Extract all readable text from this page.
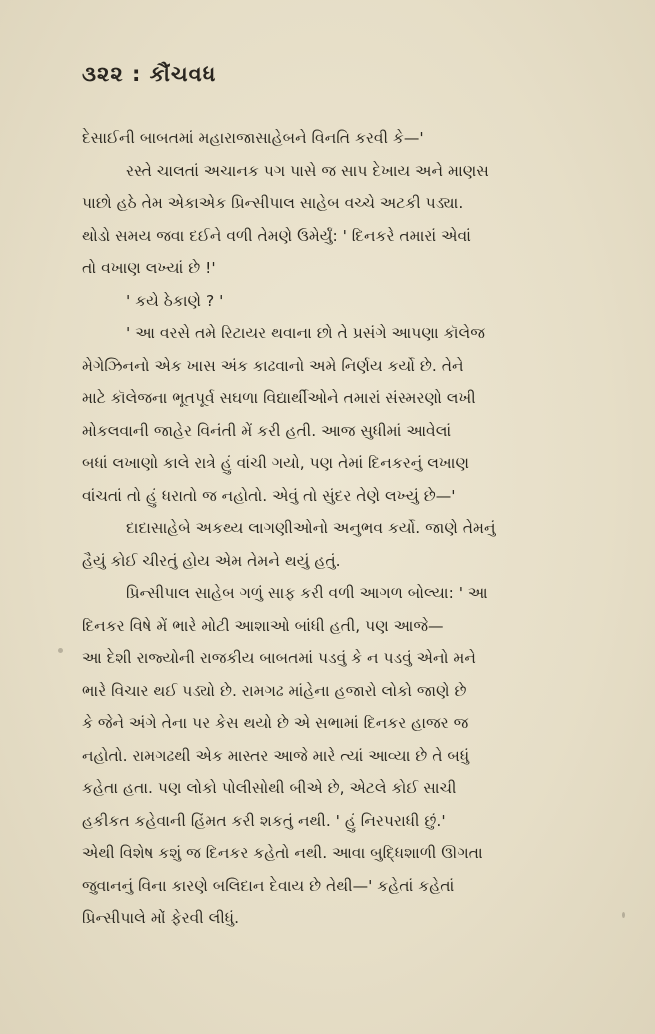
૩૨૨ : કૌંચવધ
દેસાઈની બાબતમાં મહારાજાસાહેબને વિનતિ કરવી કે—'
રસ્તે ચાલતાં અચાનક પગ પાસે જ સાપ દેખાય અને માણસ
પાછો હઠે તેમ એકાએક પ્રિન્સીપાલ સાહેબ વચ્ચે અટકી પડ્યા.
થોડો સમય જવા દઈને વળી તેમણે ઉમેર્યું: ' દિનકરે તમારાં એવાં
તો વખાણ લખ્યાં છે !'
' કયે ઠેકાણે ? '
' આ વરસે તમે રિટાયર થવાના છો તે પ્રસંગે આપણા કૉલેજ
મેગેઝિનનો એક ખાસ અંક કાઢવાનો અમે નિર્ણય કર્યો છે. તેને
માટે કૉલેજના ભૂતપૂર્વ સઘળા વિદ્યાર્થીઓને તમારાં સંસ્મરણો લખી
મોકલવાની જાહેર વિનંતી મેં કરી હતી. આજ સુધીમાં આવેલાં
બધાં લખાણો કાલે રાત્રે હું વાંચી ગયો, પણ તેમાં દિનકરનું લખાણ
વાંચતાં તો હું ધરાતો જ નહોતો. એવું તો સુંદર તેણે લખ્યું છે—'
દાદાસાહેબે અકથ્ય લાગણીઓનો અનુભવ કર્યો. જાણે તેમનું
હૈયું કોઈ ચીરતું હોય એમ તેમને થયું હતું.
પ્રિન્સીપાલ સાહેબ ગળું સાફ કરી વળી આગળ બોલ્યા: ' આ
દિનકર વિષે મેં ભારે મોટી આશાઓ બાંધી હતી, પણ આજે—
આ દેશી રાજ્યોની રાજકીય બાબતમાં પડવું કે ન પડવું એનો મને
ભારે વિચાર થઈ પડ્યો છે. રામગઢ માંહેના હજારો લોકો જાણે છે
કે જેને અંગે તેના પર કેસ થયો છે એ સભામાં દિનકર હાજર જ
નહોતો. રામગઢથી એક માસ્તર આજે મારે ત્યાં આવ્યા છે તે બધું
કહેતા હતા. પણ લોકો પોલીસોથી બીએ છે, એટલે કોઈ સાચી
હકીકત કહેવાની હિંમત કરી શકતું નથી. ' હું નિરપરાધી છું.'
એથી વિશેષ કશું જ દિનકર કહેતો નથી. આવા બુદ્ધિશાળી ઊગતા
જુવાનનું વિના કારણે બલિદાન દેવાય છે તેથી—' કહેતાં કહેતાં
પ્રિન્સીપાલે મોં ફેરવી લીધું.
